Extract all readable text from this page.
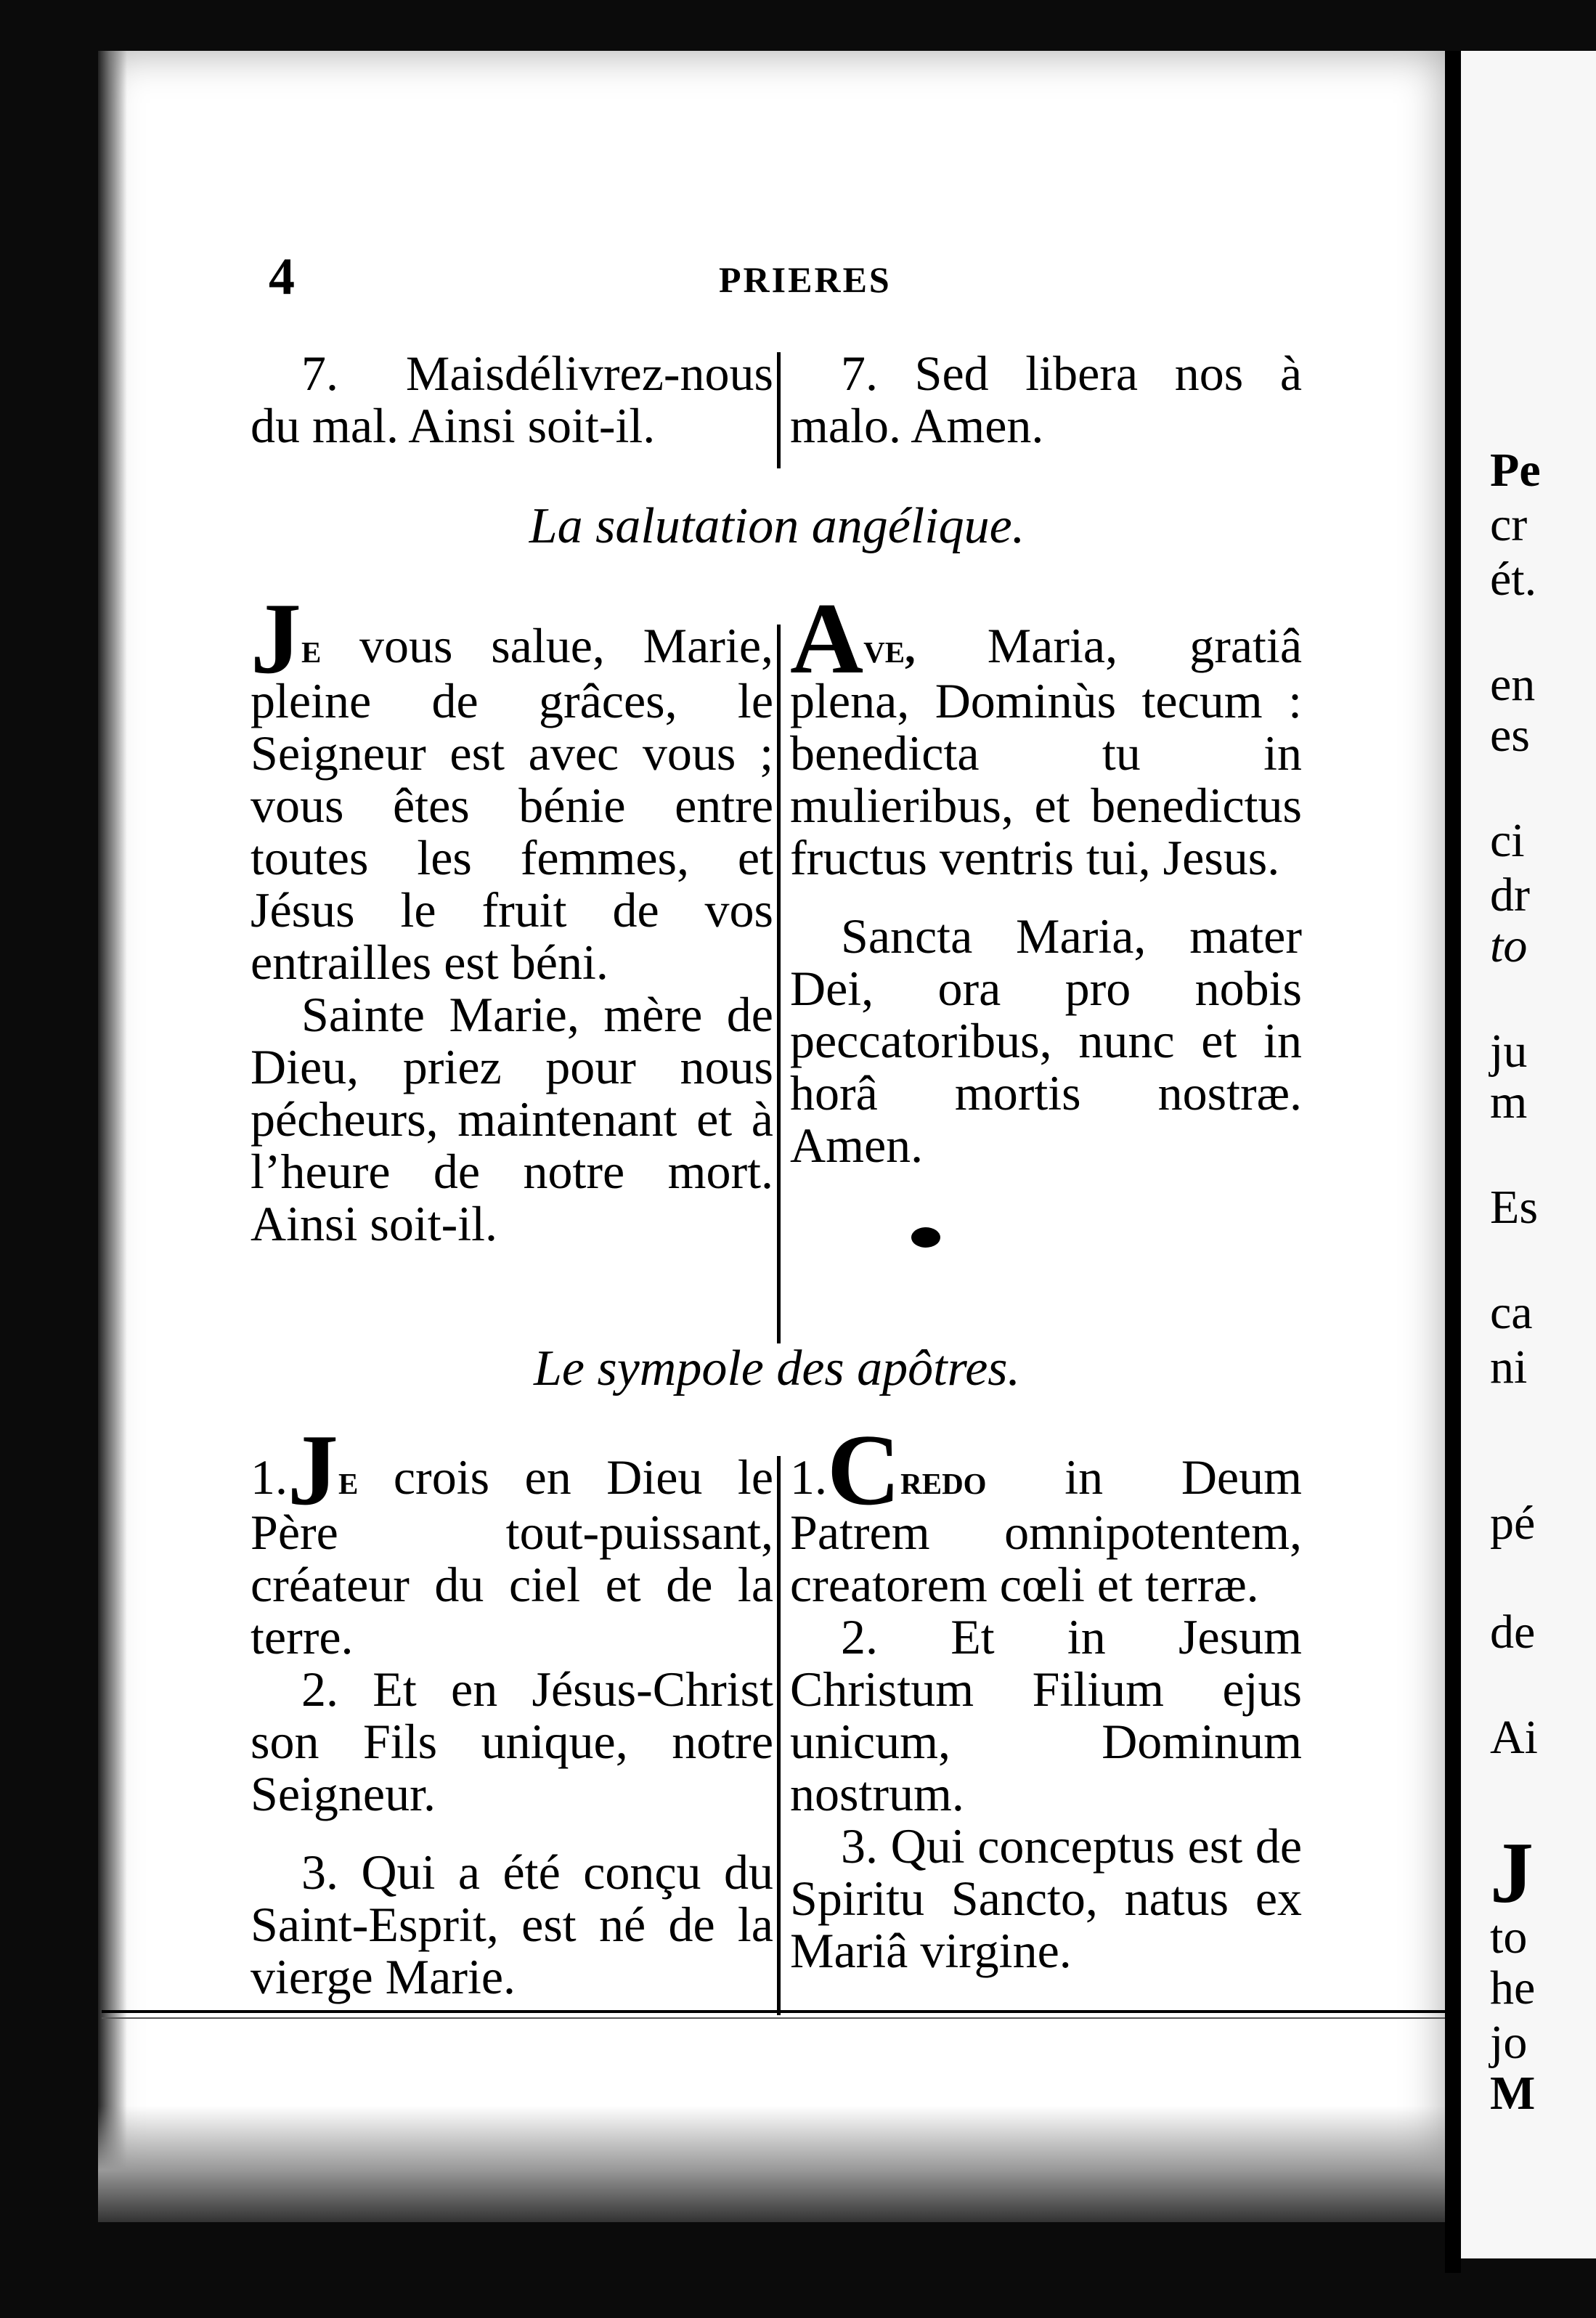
Pe
cr
ét.
en
es
ci
dr
to
ju
m
Es
ca
ni
pé
de
Ai
J
to
he
jo
M
4	PRIERES

7. Maisdélivrez-nous du mal. Ainsi soit-il.

7. Sed libera nos à malo. Amen.

La salutation angélique.

Je vous salue, Marie, pleine de grâces, le Seigneur est avec vous ; vous êtes bénie entre toutes les femmes, et Jésus le fruit de vos entrailles est béni.

Sainte Marie, mère de Dieu, priez pour nous pécheurs, maintenant et à l’heure de notre mort. Ainsi soit-il.

Ave, Maria, gratiâ plena, Dominùs tecum : benedicta tu in mulieribus, et benedictus fructus ventris tui, Jesus.

Sancta Maria, mater Dei, ora pro nobis peccatoribus, nunc et in horâ mortis nostræ. Amen.

Le sympole des apôtres.

1.Je crois en Dieu le Père tout-puissant, créateur du ciel et de la terre.

2. Et en Jésus-Christ son Fils unique, notre Seigneur.

3. Qui a été conçu du Saint-Esprit, est né de la vierge Marie.

1.Credo in Deum Patrem omnipotentem, creatorem cœli et terræ.

2. Et in Jesum Christum Filium ejus unicum, Dominum nostrum.

3. Qui conceptus est de Spiritu Sancto, natus ex Mariâ virgine.
